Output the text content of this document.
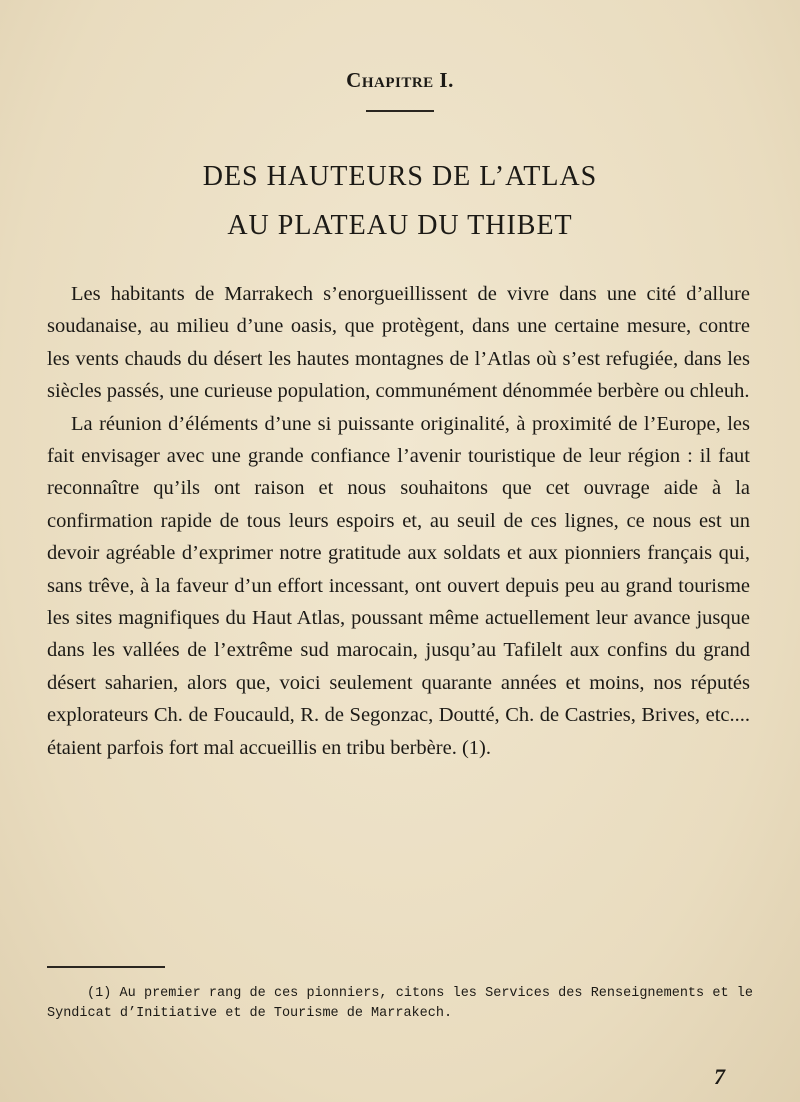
Chapitre I.
DES HAUTEURS DE L’ATLAS
AU PLATEAU DU THIBET

Les habitants de Marrakech s’enorgueillissent de vivre dans une cité d’allure soudanaise, au milieu d’une oasis, que protègent, dans une certaine mesure, contre les vents chauds du désert les hautes montagnes de l’Atlas où s’est refugiée, dans les siècles passés, une curieuse population, communément dénommée berbère ou chleuh.

La réunion d’éléments d’une si puissante originalité, à proximité de l’Europe, les fait envisager avec une grande confiance l’avenir touristique de leur région : il faut reconnaître qu’ils ont raison et nous souhaitons que cet ouvrage aide à la confirmation rapide de tous leurs espoirs et, au seuil de ces lignes, ce nous est un devoir agréable d’exprimer notre gratitude aux soldats et aux pionniers français qui, sans trêve, à la faveur d’un effort incessant, ont ouvert depuis peu au grand tourisme les sites magnifiques du Haut Atlas, poussant même actuellement leur avance jusque dans les vallées de l’extrême sud marocain, jusqu’au Tafilelt aux confins du grand désert saharien, alors que, voici seulement quarante années et moins, nos réputés explorateurs Ch. de Foucauld, R. de Segonzac, Doutté, Ch. de Castries, Brives, etc.... étaient parfois fort mal accueillis en tribu berbère. (1).

(1) Au premier rang de ces pionniers, citons les Services des Renseignements et le Syndicat d’Initiative et de Tourisme de Marrakech.

7
